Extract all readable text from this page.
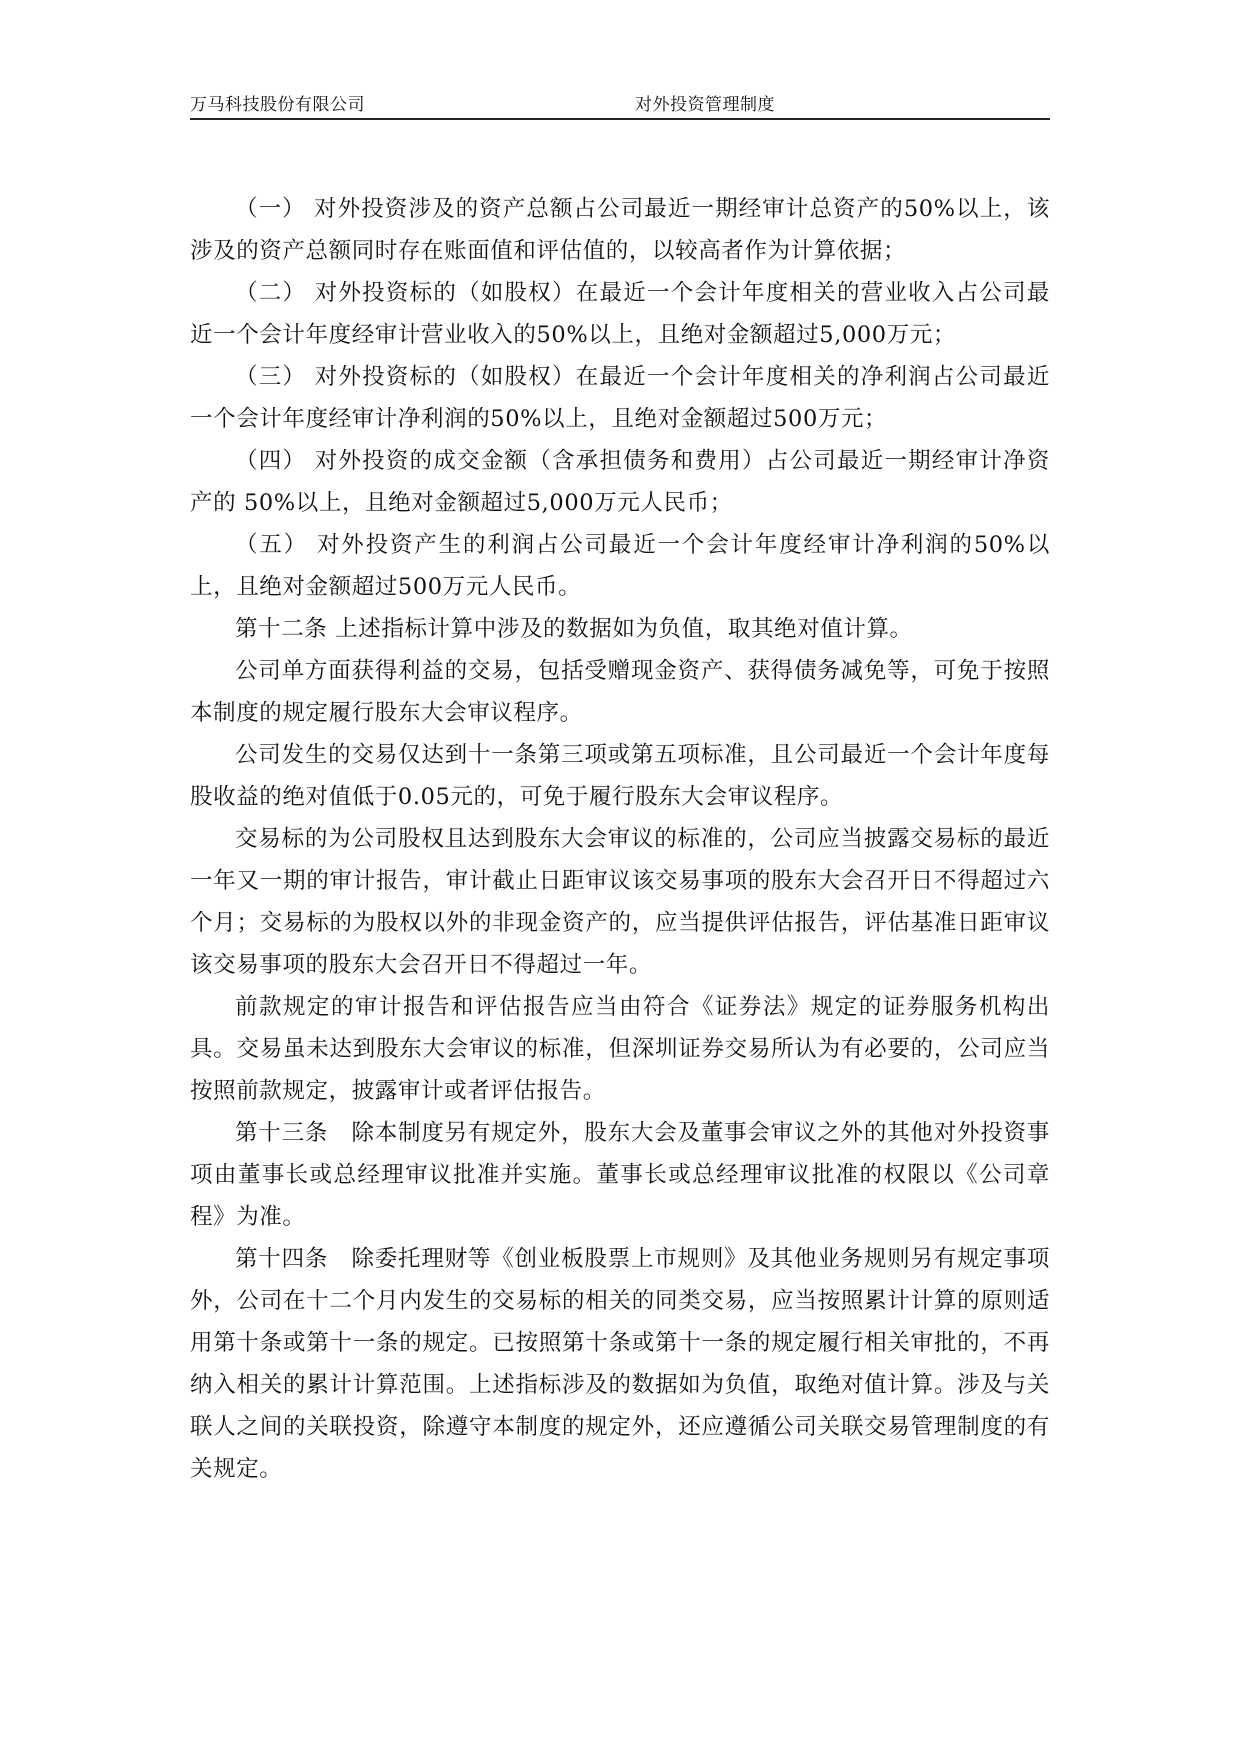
万马科技股份有限公司	对外投资管理制度

（一） 对外投资涉及的资产总额占公司最近一期经审计总资产的50%以上，该涉及的资产总额同时存在账面值和评估值的，以较高者作为计算依据；

（二） 对外投资标的（如股权）在最近一个会计年度相关的营业收入占公司最近一个会计年度经审计营业收入的50%以上，且绝对金额超过5,000万元；

（三） 对外投资标的（如股权）在最近一个会计年度相关的净利润占公司最近一个会计年度经审计净利润的50%以上，且绝对金额超过500万元；

（四） 对外投资的成交金额（含承担债务和费用）占公司最近一期经审计净资产的 50%以上，且绝对金额超过5,000万元人民币；

（五） 对外投资产生的利润占公司最近一个会计年度经审计净利润的50%以上，且绝对金额超过500万元人民币。

第十二条 上述指标计算中涉及的数据如为负值，取其绝对值计算。

公司单方面获得利益的交易，包括受赠现金资产、获得债务减免等，可免于按照本制度的规定履行股东大会审议程序。

公司发生的交易仅达到十一条第三项或第五项标准，且公司最近一个会计年度每股收益的绝对值低于0.05元的，可免于履行股东大会审议程序。

交易标的为公司股权且达到股东大会审议的标准的，公司应当披露交易标的最近一年又一期的审计报告，审计截止日距审议该交易事项的股东大会召开日不得超过六个月；交易标的为股权以外的非现金资产的，应当提供评估报告，评估基准日距审议该交易事项的股东大会召开日不得超过一年。

前款规定的审计报告和评估报告应当由符合《证券法》规定的证券服务机构出具。交易虽未达到股东大会审议的标准，但深圳证券交易所认为有必要的，公司应当按照前款规定，披露审计或者评估报告。

第十三条　除本制度另有规定外，股东大会及董事会审议之外的其他对外投资事项由董事长或总经理审议批准并实施。董事长或总经理审议批准的权限以《公司章程》为准。

第十四条　除委托理财等《创业板股票上市规则》及其他业务规则另有规定事项外，公司在十二个月内发生的交易标的相关的同类交易，应当按照累计计算的原则适用第十条或第十一条的规定。已按照第十条或第十一条的规定履行相关审批的，不再纳入相关的累计计算范围。上述指标涉及的数据如为负值，取绝对值计算。涉及与关联人之间的关联投资，除遵守本制度的规定外，还应遵循公司关联交易管理制度的有关规定。
